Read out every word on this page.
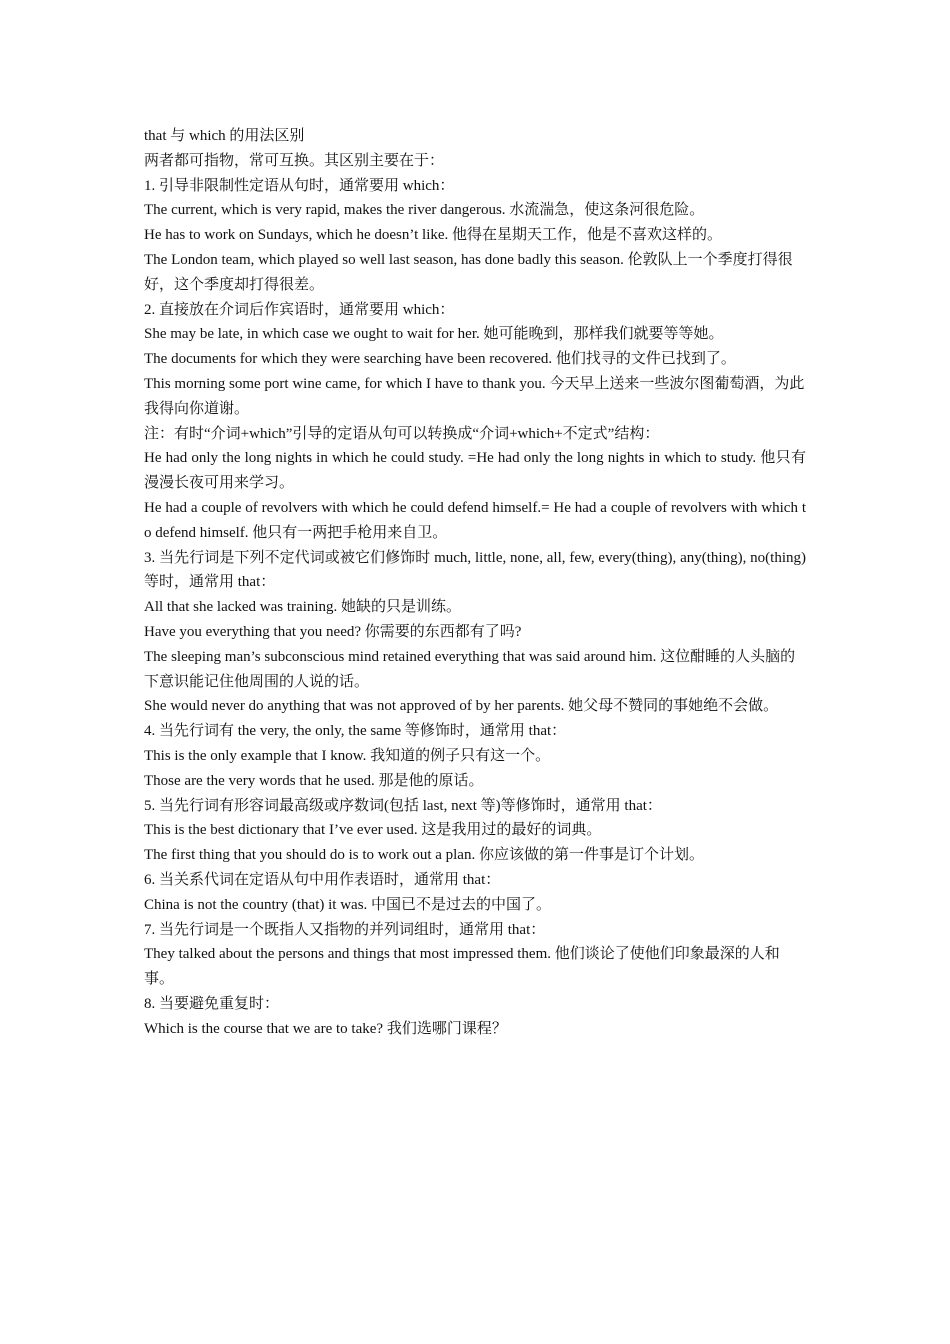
that 与 which 的用法区别

两者都可指物，常可互换。其区别主要在于：

1. 引导非限制性定语从句时，通常要用 which：

The current, which is very rapid, makes the river dangerous. 水流湍急，使这条河很危险。

He has to work on Sundays, which he doesn’t like. 他得在星期天工作，他是不喜欢这样的。

The London team, which played so well last season, has done badly this season. 伦敦队上一个季度打得很好，这个季度却打得很差。

2. 直接放在介词后作宾语时，通常要用 which：

She may be late, in which case we ought to wait for her. 她可能晚到，那样我们就要等等她。

The documents for which they were searching have been recovered. 他们找寻的文件已找到了。

This morning some port wine came, for which I have to thank you. 今天早上送来一些波尔图葡萄酒，为此我得向你道谢。

注：有时“介词+which”引导的定语从句可以转换成“介词+which+不定式”结构：

He had only the long nights in which he could study. =He had only the long nights in which to study. 他只有漫漫长夜可用来学习。

He had a couple of revolvers with which he could defend himself.= He had a couple of revolvers with which to defend himself. 他只有一两把手枪用来自卫。

3. 当先行词是下列不定代词或被它们修饰时 much, little, none, all, few, every(thing), any(thing), no(thing) 等时，通常用 that：

All that she lacked was training. 她缺的只是训练。

Have you everything that you need? 你需要的东西都有了吗?

The sleeping man’s subconscious mind retained everything that was said around him. 这位酣睡的人头脑的下意识能记住他周围的人说的话。

She would never do anything that was not approved of by her parents. 她父母不赞同的事她绝不会做。

4. 当先行词有 the very, the only, the same 等修饰时，通常用 that：

This is the only example that I know. 我知道的例子只有这一个。

Those are the very words that he used. 那是他的原话。

5. 当先行词有形容词最高级或序数词(包括 last, next 等)等修饰时，通常用 that：

This is the best dictionary that I’ve ever used. 这是我用过的最好的词典。

The first thing that you should do is to work out a plan. 你应该做的第一件事是订个计划。

6. 当关系代词在定语从句中用作表语时，通常用 that：

China is not the country (that) it was. 中国已不是过去的中国了。

7. 当先行词是一个既指人又指物的并列词组时，通常用 that：

They talked about the persons and things that most impressed them. 他们谈论了使他们印象最深的人和事。

8. 当要避免重复时：

Which is the course that we are to take? 我们选哪门课程？
